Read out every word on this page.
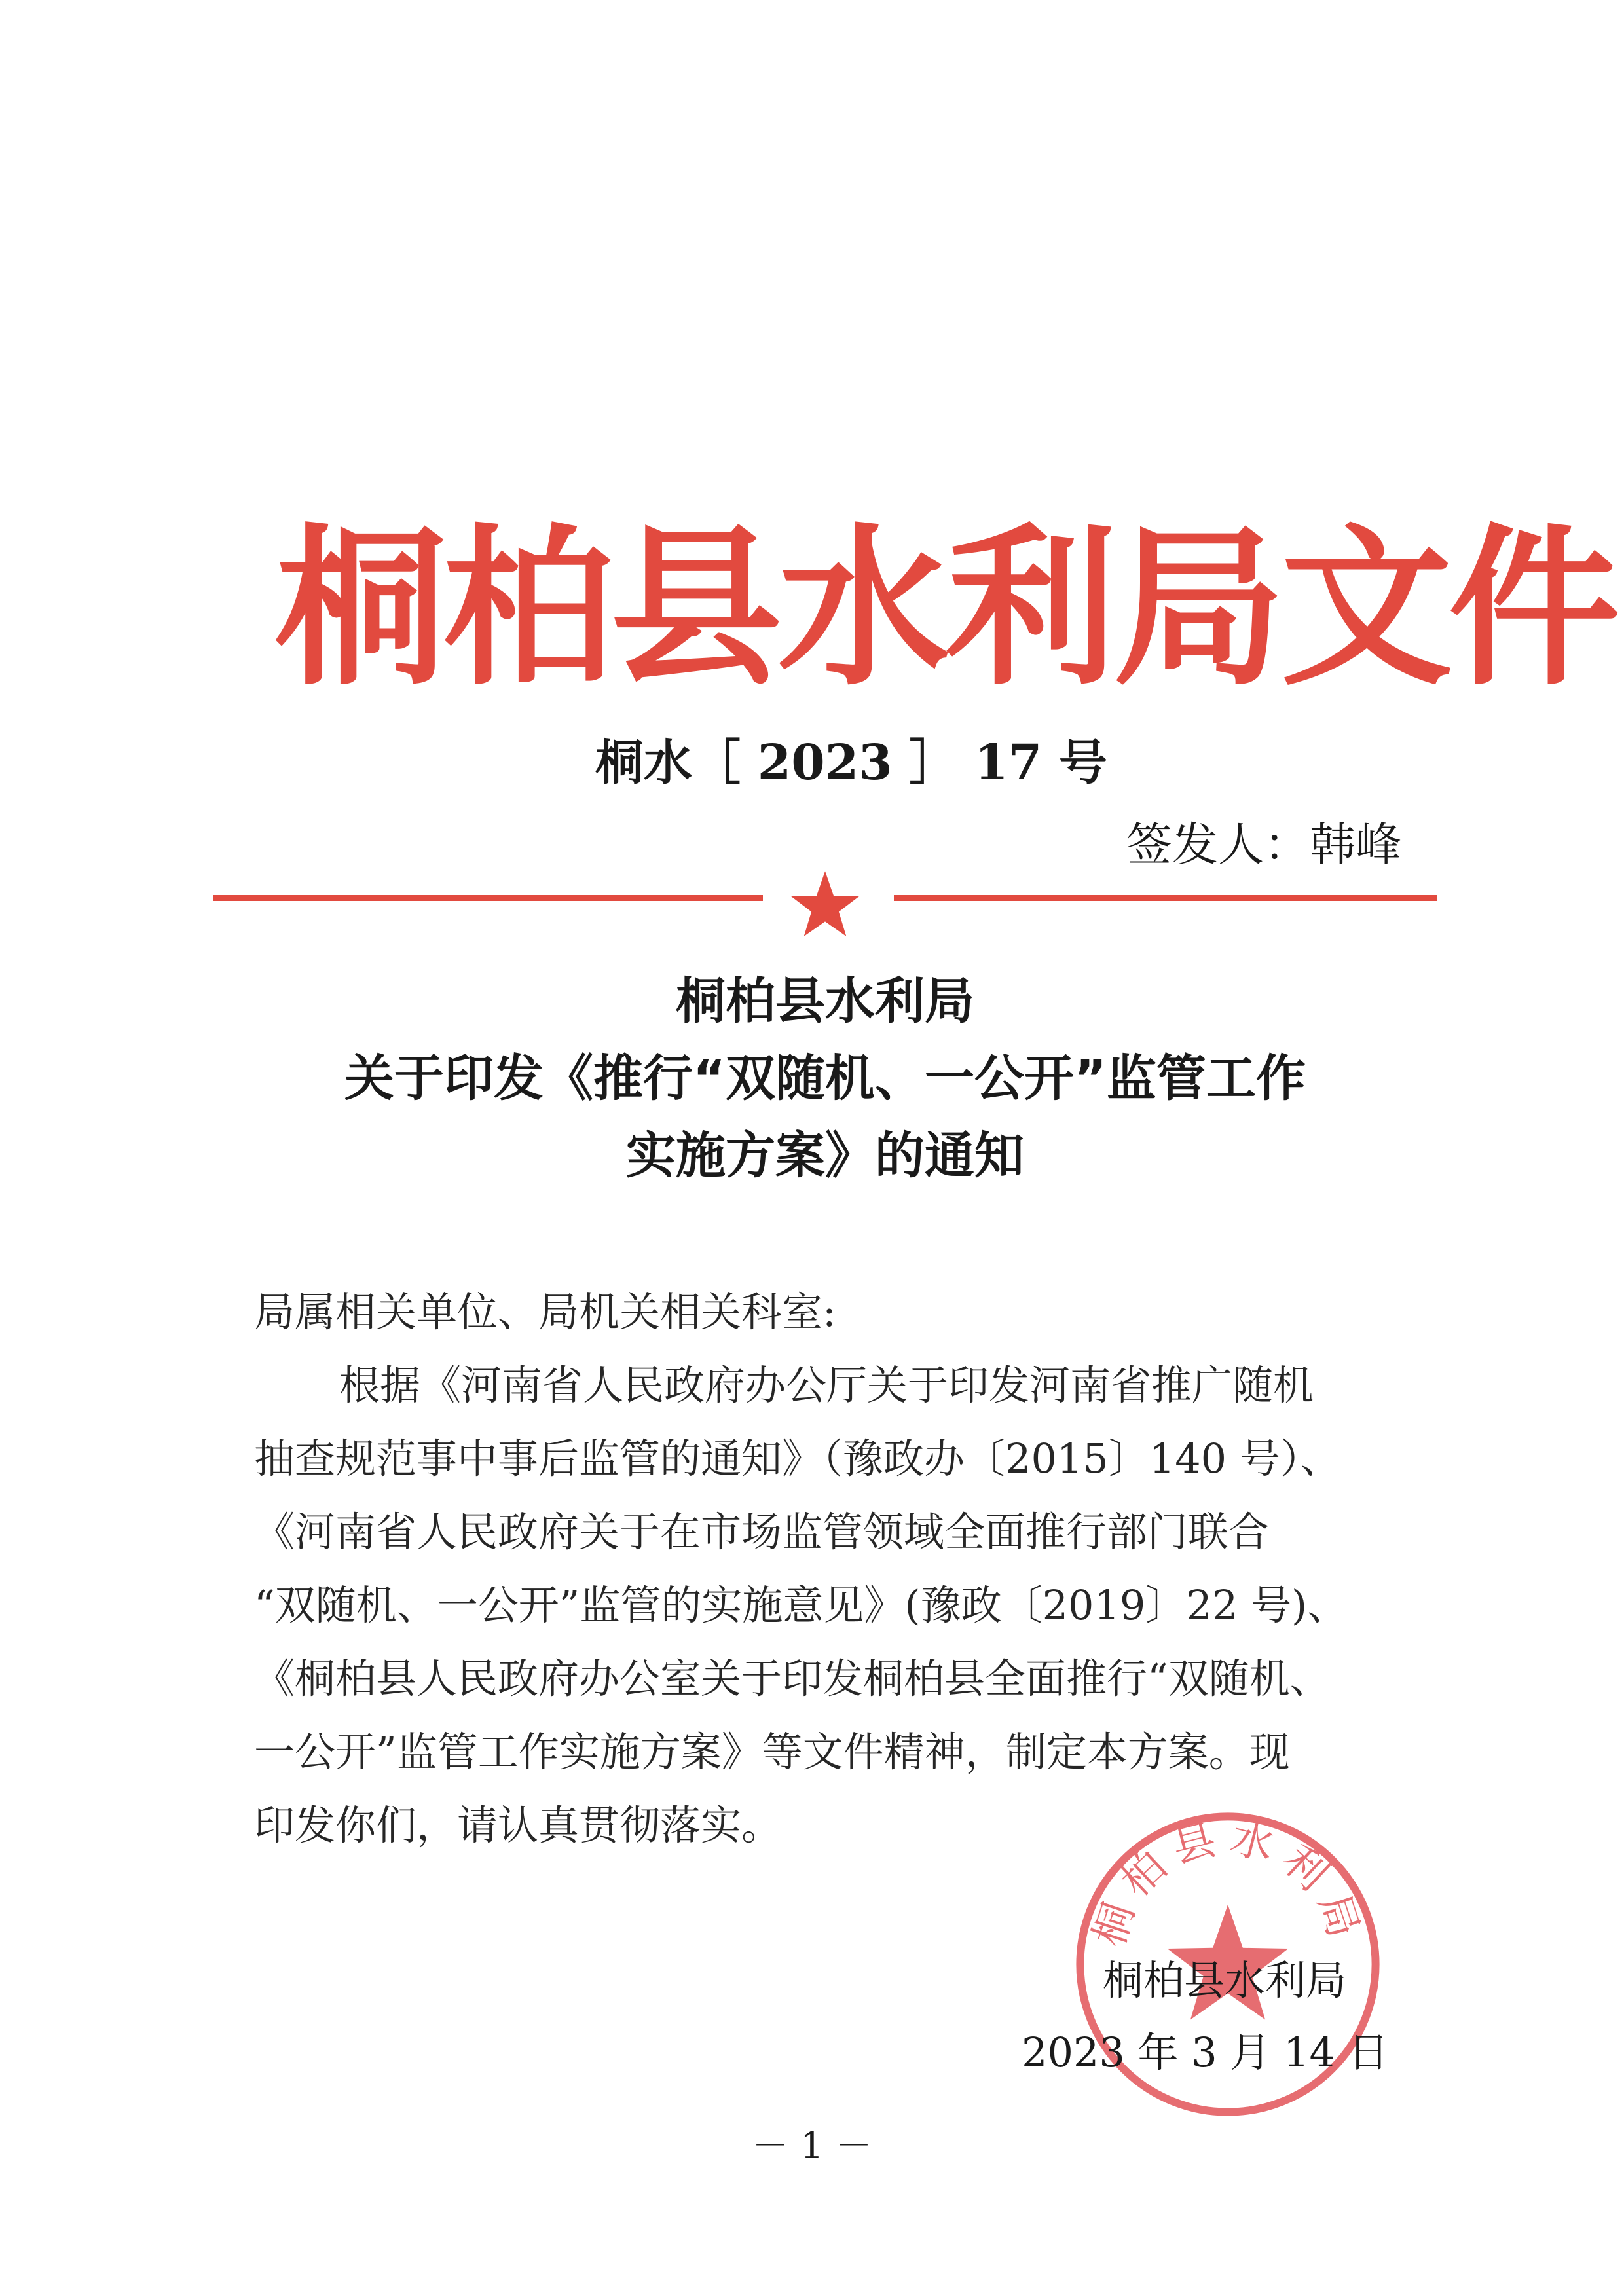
桐柏县水利局文件
桐水［ 2023 ］ 17 号
签发人：韩峰
桐柏县水利局
关于印发《推行“双随机、一公开”监管工作
实施方案》的通知
局属相关单位、局机关相关科室:
根据《河南省人民政府办公厅关于印发河南省推广随机
抽查规范事中事后监管的通知》（豫政办〔2015〕140 号）、
《河南省人民政府关于在市场监管领域全面推行部门联合
“双随机、一公开”监管的实施意见》(豫政〔2019〕22 号)、
《桐柏县人民政府办公室关于印发桐柏县全面推行“双随机、
一公开”监管工作实施方案》等文件精神，制定本方案。现
印发你们，请认真贯彻落实。
桐柏县水利局
桐柏县水利局
2023 年 3 月 14 日
－ 1 －
